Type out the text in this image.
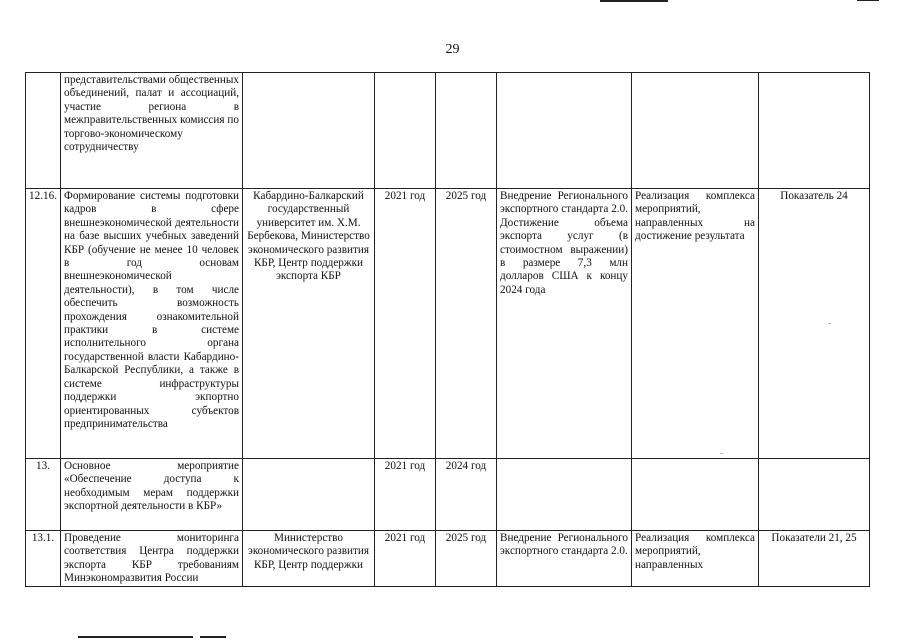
29
	представительствами общественных объединений, палат и ассоциаций, участие региона в межправительственных комиссия по торгово-экономическому сотрудничеству						
12.16.	Формирование системы подготовки кадров в сфере внешнеэкономической деятельности на базе высших учебных заведений КБР (обучение не менее 10 человек в год основам внешнеэкономической деятельности), в том числе обеспечить возможность прохождения ознакомительной практики в системе исполнительного органа государственной власти Кабардино-Балкарской Республики, а также в системе инфраструктуры поддержки экпортно ориентированных субъектов предпринимательства	Кабардино-Балкарский государственный университет им. Х.М. Бербекова, Министерство экономического развития КБР, Центр поддержки экспорта КБР	2021 год	2025 год	Внедрение Регионального экспортного стандарта 2.0. Достижение объема экспорта услуг (в стоимостном выражении) в размере 7,3 млн долларов США к концу 2024 года	Реализация комплекса мероприятий, направленных на достижение результата	Показатель 24
13.	Основное мероприятие «Обеспечение доступа к необходимым мерам поддержки экспортной деятельности в КБР»		2021 год	2024 год			
13.1.	Проведение мониторинга соответствия Центра поддержки экспорта КБР требованиям Минэкономразвития России	Министерство экономического развития КБР, Центр поддержки	2021 год	2025 год	Внедрение Регионального экспортного стандарта 2.0.	Реализация комплекса мероприятий, направленных	Показатели 21, 25
-
-
